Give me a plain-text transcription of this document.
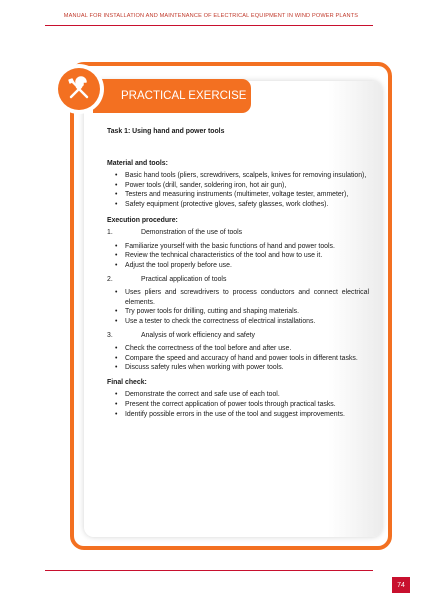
MANUAL FOR INSTALLATION AND MAINTENANCE OF ELECTRICAL EQUIPMENT IN WIND POWER PLANTS
PRACTICAL EXERCISE
Task 1: Using hand and power tools
Material and tools:
• Basic hand tools (pliers, screwdrivers, scalpels, knives for removing insulation),
• Power tools (drill, sander, soldering iron, hot air gun),
• Testers and measuring instruments (multimeter, voltage tester, ammeter),
• Safety equipment (protective gloves, safety glasses, work clothes).
Execution procedure:
1.	Demonstration of the use of tools
• Familiarize yourself with the basic functions of hand and power tools.
• Review the technical characteristics of the tool and how to use it.
• Adjust the tool properly before use.
2.	Practical application of tools
• Uses pliers and screwdrivers to process conductors and connect electrical elements.
• Try power tools for drilling, cutting and shaping materials.
• Use a tester to check the correctness of electrical installations.
3.	Analysis of work efficiency and safety
• Check the correctness of the tool before and after use.
• Compare the speed and accuracy of hand and power tools in different tasks.
• Discuss safety rules when working with power tools.
Final check:
• Demonstrate the correct and safe use of each tool.
• Present the correct application of power tools through practical tasks.
• Identify possible errors in the use of the tool and suggest improvements.
74
